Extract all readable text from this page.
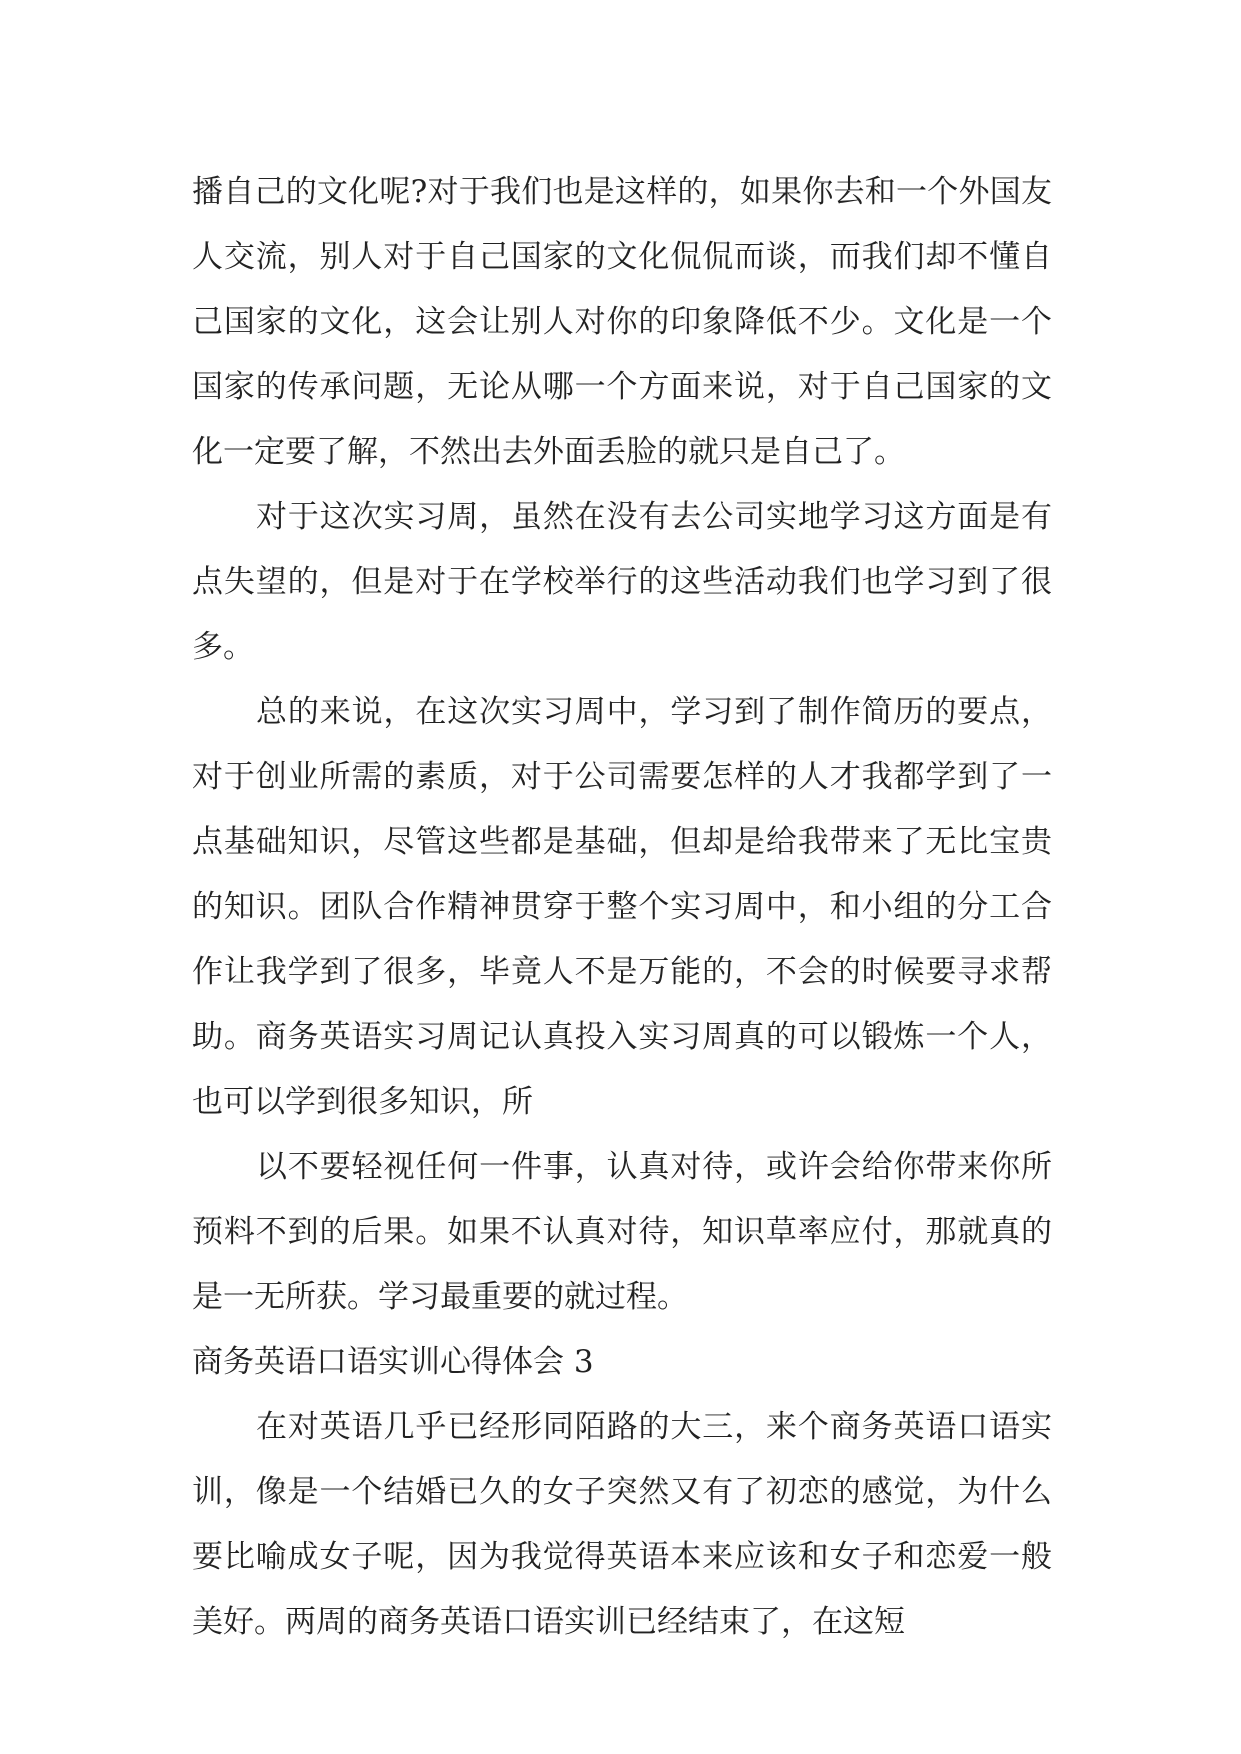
播自己的文化呢?对于我们也是这样的，如果你去和一个外国友人交流，别人对于自己国家的文化侃侃而谈，而我们却不懂自己国家的文化，这会让别人对你的印象降低不少。文化是一个国家的传承问题，无论从哪一个方面来说，对于自己国家的文化一定要了解，不然出去外面丢脸的就只是自己了。

对于这次实习周，虽然在没有去公司实地学习这方面是有点失望的，但是对于在学校举行的这些活动我们也学习到了很多。

总的来说，在这次实习周中，学习到了制作简历的要点，对于创业所需的素质，对于公司需要怎样的人才我都学到了一点基础知识，尽管这些都是基础，但却是给我带来了无比宝贵的知识。团队合作精神贯穿于整个实习周中，和小组的分工合作让我学到了很多，毕竟人不是万能的，不会的时候要寻求帮助。商务英语实习周记认真投入实习周真的可以锻炼一个人，也可以学到很多知识，所

以不要轻视任何一件事，认真对待，或许会给你带来你所预料不到的后果。如果不认真对待，知识草率应付，那就真的是一无所获。学习最重要的就过程。

商务英语口语实训心得体会 3

在对英语几乎已经形同陌路的大三，来个商务英语口语实训，像是一个结婚已久的女子突然又有了初恋的感觉，为什么要比喻成女子呢，因为我觉得英语本来应该和女子和恋爱一般美好。两周的商务英语口语实训已经结束了，在这短
